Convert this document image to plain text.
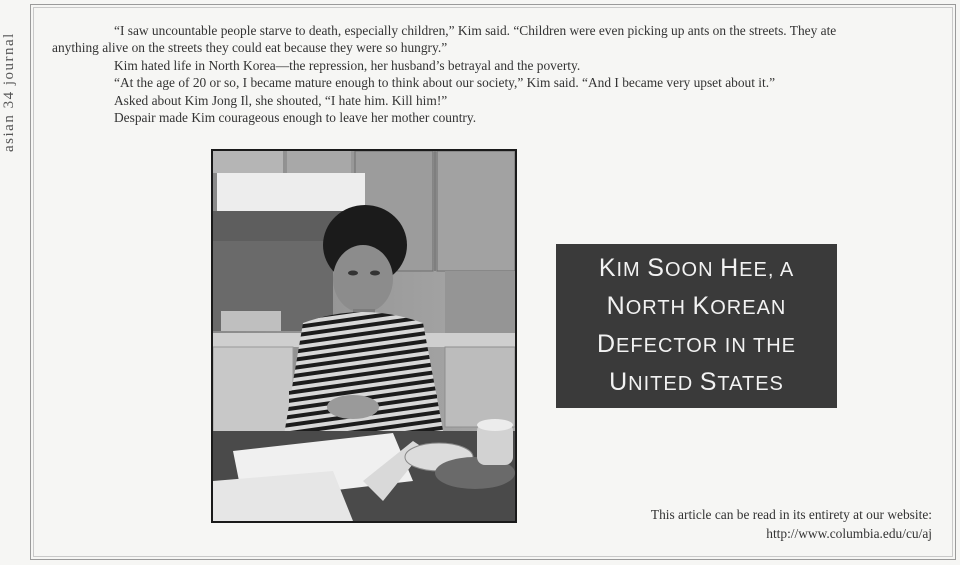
asian 34 journal

“I saw uncountable people starve to death, especially children,” Kim said. “Children were even picking up ants on the streets. They ate

anything alive on the streets they could eat because they were so hungry.”

Kim hated life in North Korea—the repression, her husband’s betrayal and the poverty.

“At the age of 20 or so, I became mature enough to think about our society,” Kim said. “And I became very upset about it.”

Asked about Kim Jong Il, she shouted, “I hate him. Kill him!”

Despair made Kim courageous enough to leave her mother country.

KIM SOON HEE, A
NORTH KOREAN
DEFECTOR IN THE
UNITED STATES
This article can be read in its entirety at our website:
http://www.columbia.edu/cu/aj
